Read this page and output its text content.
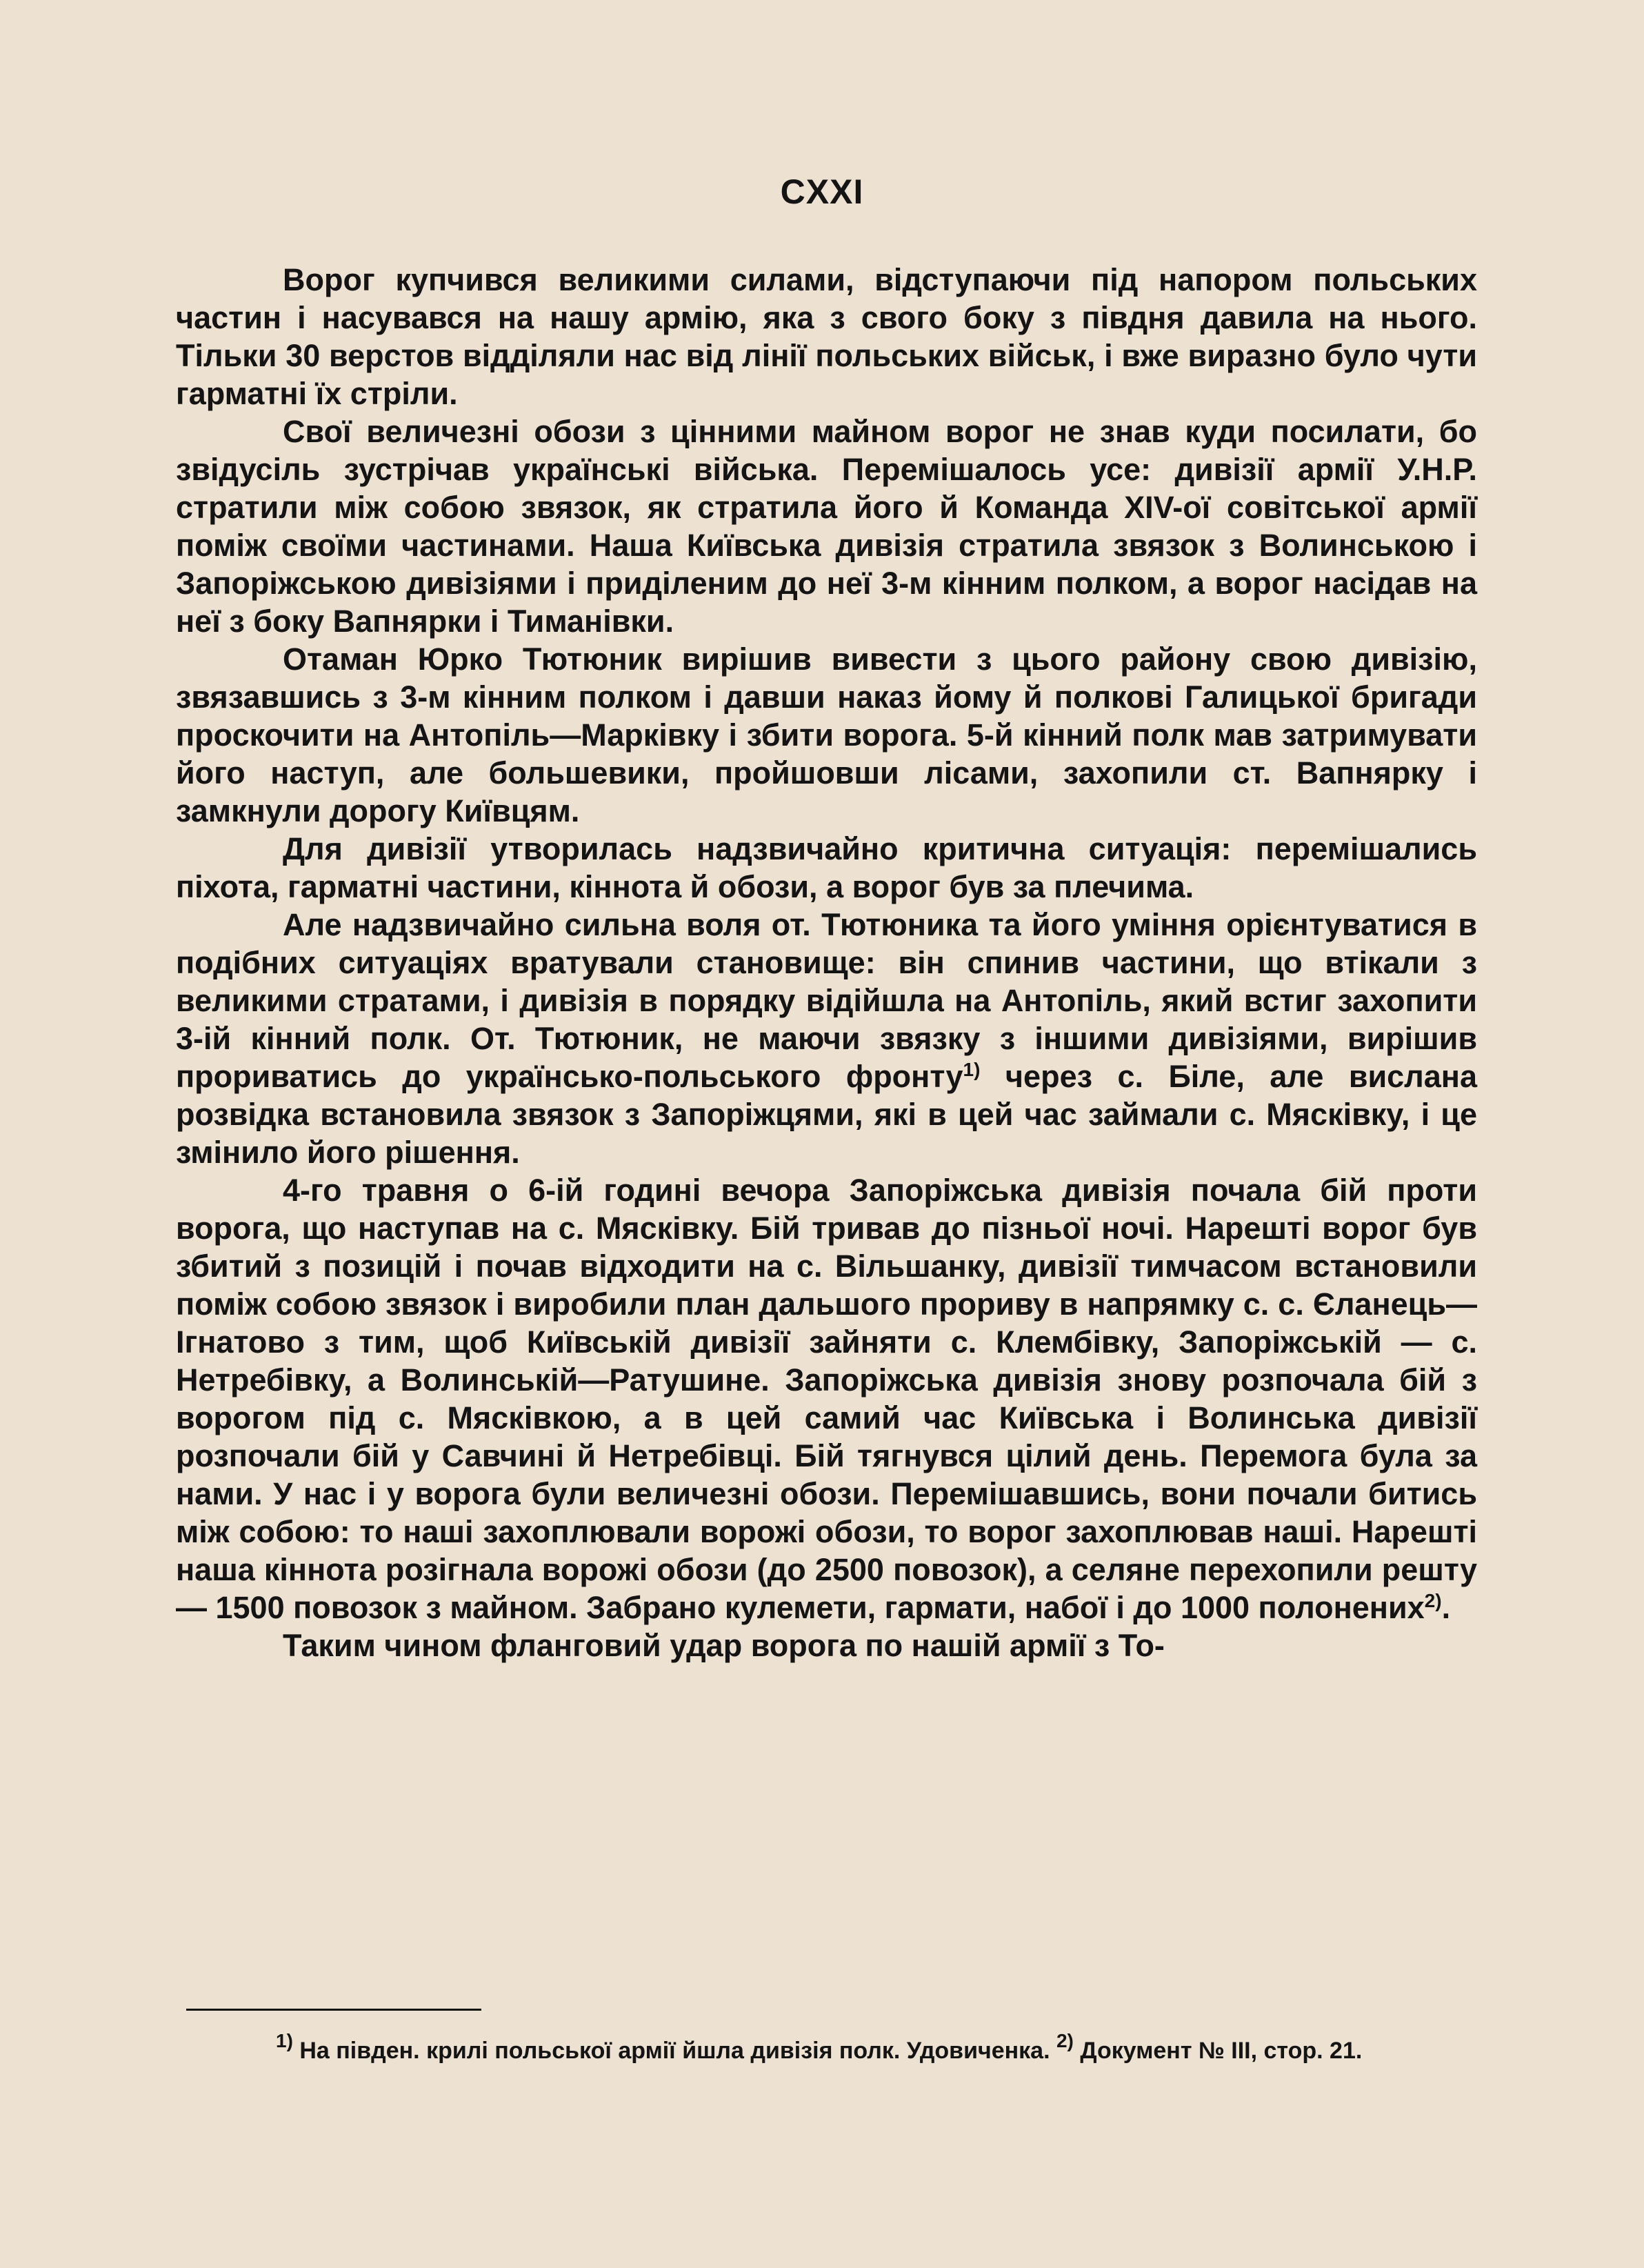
CXXI

Ворог купчився великими силами, відступаючи під напором польських частин і насувався на нашу армію, яка з свого боку з півдня давила на нього. Тільки 30 верстов відділяли нас від лінії польських військ, і вже виразно було чути гарматні їх стріли.

Свої величезні обози з цінними майном ворог не знав куди посилати, бо звідусіль зустрічав українські війська. Перемішалось усе: дивізії армії У.Н.Р. стратили між собою звязок, як стратила його й Команда XIV-ої совітської армії поміж своїми частинами. Наша Київська дивізія стратила звязок з Волинською і Запоріжською дивізіями і приділеним до неї 3-м кінним полком, а ворог насідав на неї з боку Вапнярки і Тиманівки.

Отаман Юрко Тютюник вирішив вивести з цього району свою дивізію, звязавшись з 3-м кінним полком і давши наказ йому й полкові Галицької бригади проскочити на Антопіль—Марківку і збити ворога. 5-й кінний полк мав затримувати його наступ, але большевики, пройшовши лісами, захопили ст. Вапнярку і замкнули дорогу Київцям.

Для дивізії утворилась надзвичайно критична ситуація: перемішались піхота, гарматні частини, кіннота й обози, а ворог був за плечима.

Але надзвичайно сильна воля от. Тютюника та його уміння орієнтуватися в подібних ситуаціях вратували становище: він спинив частини, що втікали з великими стратами, і дивізія в порядку відійшла на Антопіль, який встиг захопити 3-ій кінний полк. От. Тютюник, не маючи звязку з іншими дивізіями, вирішив прориватись до українсько-польського фронту$^{1)}$ через с. Біле, але вислана розвідка встановила звязок з Запоріжцями, які в цей час займали с. Мясківку, і це змінило його рішення.

4-го травня о 6-ій годині вечора Запоріжська дивізія почала бій проти ворога, що наступав на с. Мясківку. Бій тривав до пізньої ночі. Нарешті ворог був збитий з позицій і почав відходити на с. Вільшанку, дивізії тимчасом встановили поміж собою звязок і виробили план дальшого прориву в напрямку с. с. Єланець—Ігнатово з тим, щоб Київській дивізії зайняти с. Клембівку, Запоріжській — с. Нетребівку, а Волинській—Ратушине. Запоріжська дивізія знову розпочала бій з ворогом під с. Мясківкою, а в цей самий час Київська і Волинська дивізії розпочали бій у Савчині й Нетребівці. Бій тягнувся цілий день. Перемога була за нами. У нас і у ворога були величезні обози. Перемішавшись, вони почали битись між собою: то наші захоплювали ворожі обози, то ворог захоплював наші. Нарешті наша кіннота розігнала ворожі обози (до 2500 повозок), а селяне перехопили решту — 1500 повозок з майном. Забрано кулемети, гармати, набої і до 1000 полонених$^{2)}$.

Таким чином фланговий удар ворога по нашій армії з То-

$^{1)}$ На півден. крилі польської армії йшла дивізія полк. Удовиченка. $^{2)}$ Документ № III, стор. 21.
